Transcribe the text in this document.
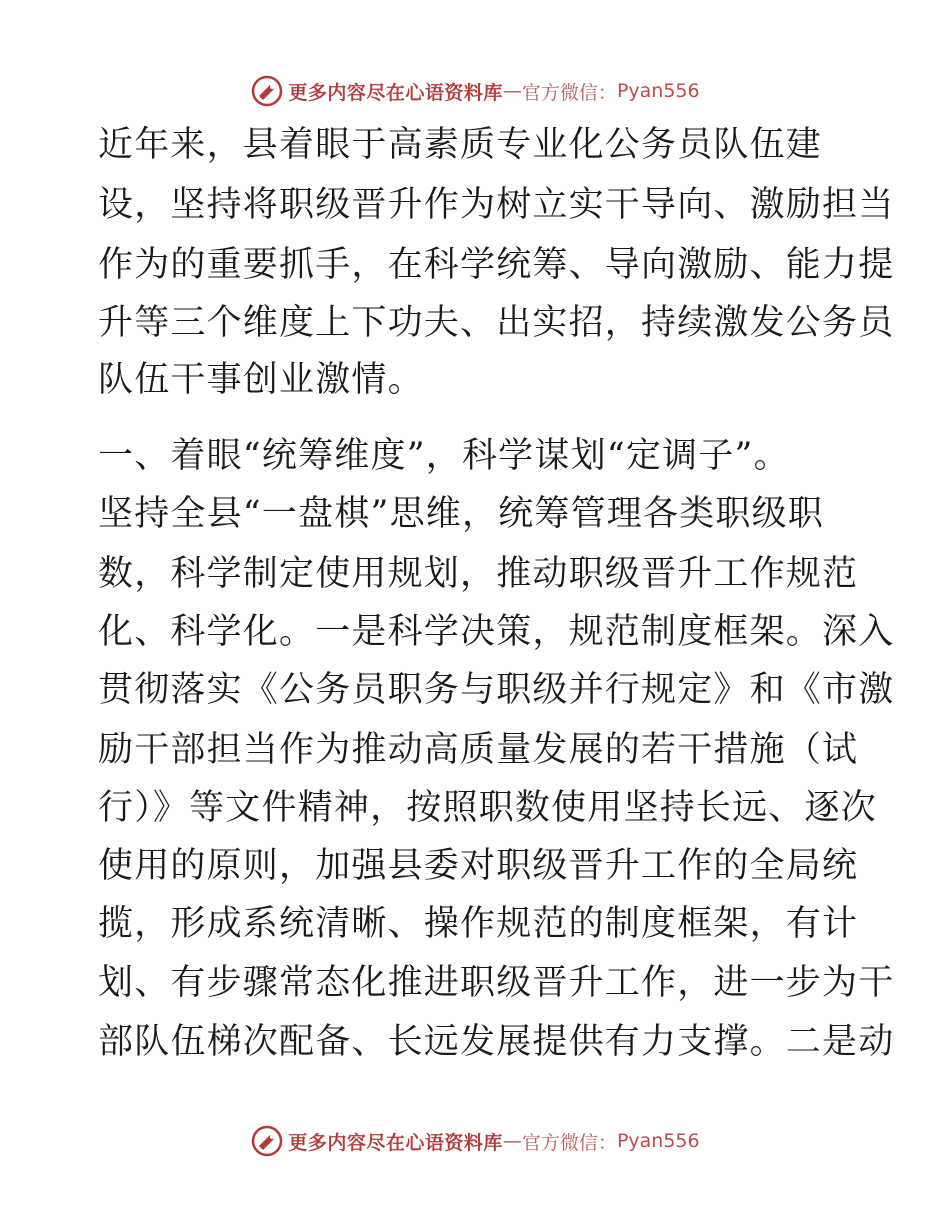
更多内容尽在心语资料库 — 官方微信： Pyan556
近年来，县着眼于高素质专业化公务员队伍建
设，坚持将职级晋升作为树立实干导向、激励担当
作为的重要抓手，在科学统筹、导向激励、能力提
升等三个维度上下功夫、出实招，持续激发公务员
队伍干事创业激情。
一、着眼“统筹维度”，科学谋划“定调子”。
坚持全县“一盘棋”思维，统筹管理各类职级职
数，科学制定使用规划，推动职级晋升工作规范
化、科学化。一是科学决策，规范制度框架。深入
贯彻落实《公务员职务与职级并行规定》和《市激
励干部担当作为推动高质量发展的若干措施（试
行）》等文件精神，按照职数使用坚持长远、逐次
使用的原则，加强县委对职级晋升工作的全局统
揽，形成系统清晰、操作规范的制度框架，有计
划、有步骤常态化推进职级晋升工作，进一步为干
部队伍梯次配备、长远发展提供有力支撑。二是动
更多内容尽在心语资料库 — 官方微信： Pyan556
